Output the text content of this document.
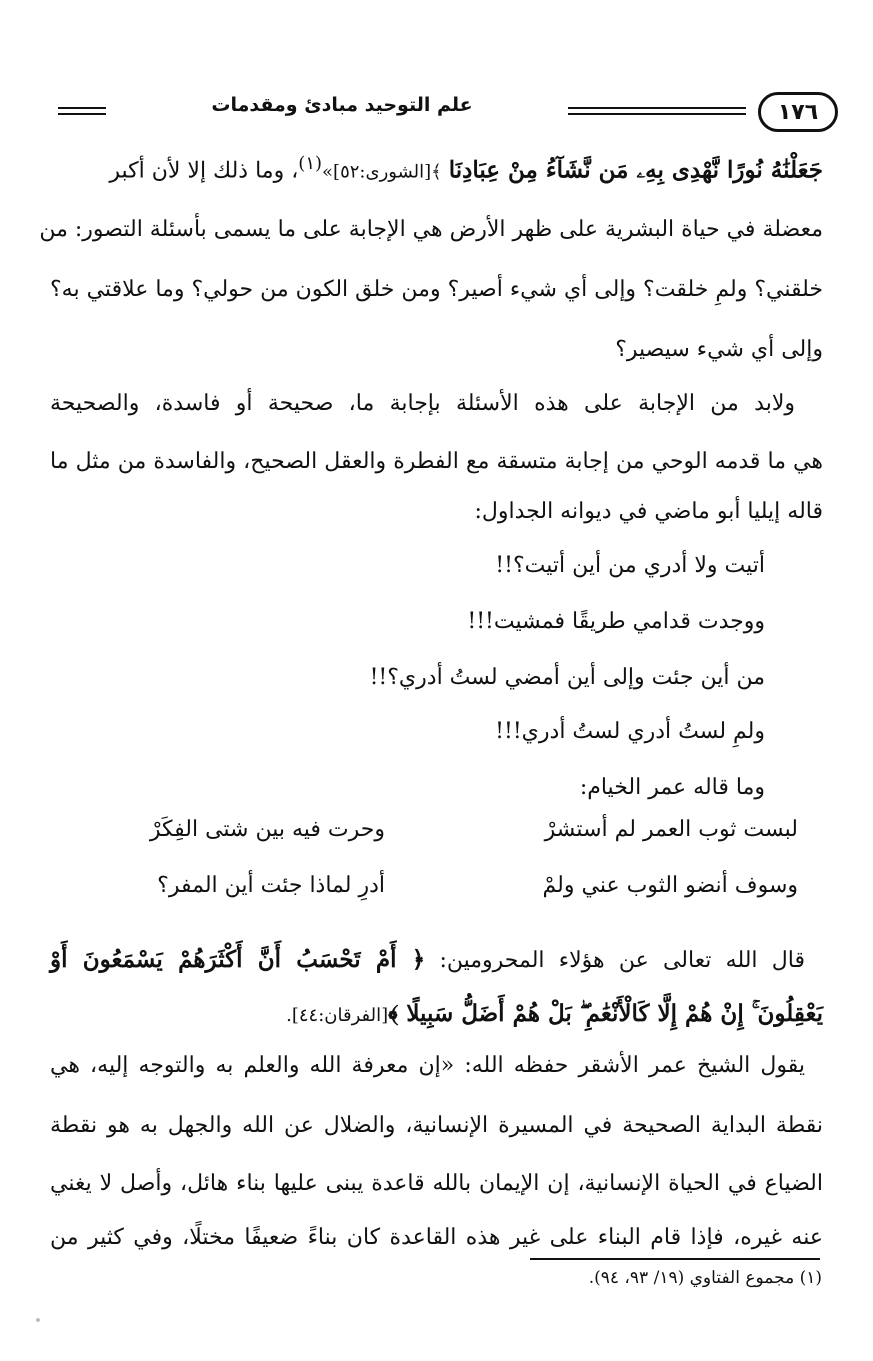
١٧٦
علم التوحيد مبادئ ومقدمات
جَعَلْنَٰهُ نُورًا نَّهْدِى بِهِۦ مَن نَّشَآءُ مِنْ عِبَادِنَا ﴾[الشورى:٥٢]»$^{(١)}$، وما ذلك إلا لأن أكبر
معضلة في حياة البشرية على ظهر الأرض هي الإجابة على ما يسمى بأسئلة التصور: من
خلقني؟ ولمِ خلقت؟ وإلى أي شيء أصير؟ ومن خلق الكون من حولي؟ وما علاقتي به؟
وإلى أي شيء سيصير؟
ولابد من الإجابة على هذه الأسئلة بإجابة ما، صحيحة أو فاسدة، والصحيحة
هي ما قدمه الوحي من إجابة متسقة مع الفطرة والعقل الصحيح، والفاسدة من مثل ما
قاله إيليا أبو ماضي في ديوانه الجداول:
أتيت ولا أدري من أين أتيت؟!!
ووجدت قدامي طريقًا فمشيت!!!
من أين جئت وإلى أين أمضي لستُ أدري؟!!
ولمِ لستُ أدري لستُ أدري!!!
وما قاله عمر الخيام:
لبست ثوب العمر لم أستشرْ
وحرت فيه بين شتى الفِكَرْ
وسوف أنضو الثوب عني ولمْ
أدرِ لماذا جئت أين المفر؟
قال الله تعالى عن هؤلاء المحرومين: ﴿ أَمْ تَحْسَبُ أَنَّ أَكْثَرَهُمْ يَسْمَعُونَ أَوْ
يَعْقِلُونَ ۚ إِنْ هُمْ إِلَّا كَالْأَنْعَٰمِ ۖ بَلْ هُمْ أَضَلُّ سَبِيلًا ﴾[الفرقان:٤٤].
يقول الشيخ عمر الأشقر حفظه الله: «إن معرفة الله والعلم به والتوجه إليه، هي
نقطة البداية الصحيحة في المسيرة الإنسانية، والضلال عن الله والجهل به هو نقطة
الضياع في الحياة الإنسانية، إن الإيمان بالله قاعدة يبنى عليها بناء هائل، وأصل لا يغني
عنه غيره، فإذا قام البناء على غير هذه القاعدة كان بناءً ضعيفًا مختلًا، وفي كثير من
(١) مجموع الفتاوي (١٩/ ٩٣، ٩٤).
